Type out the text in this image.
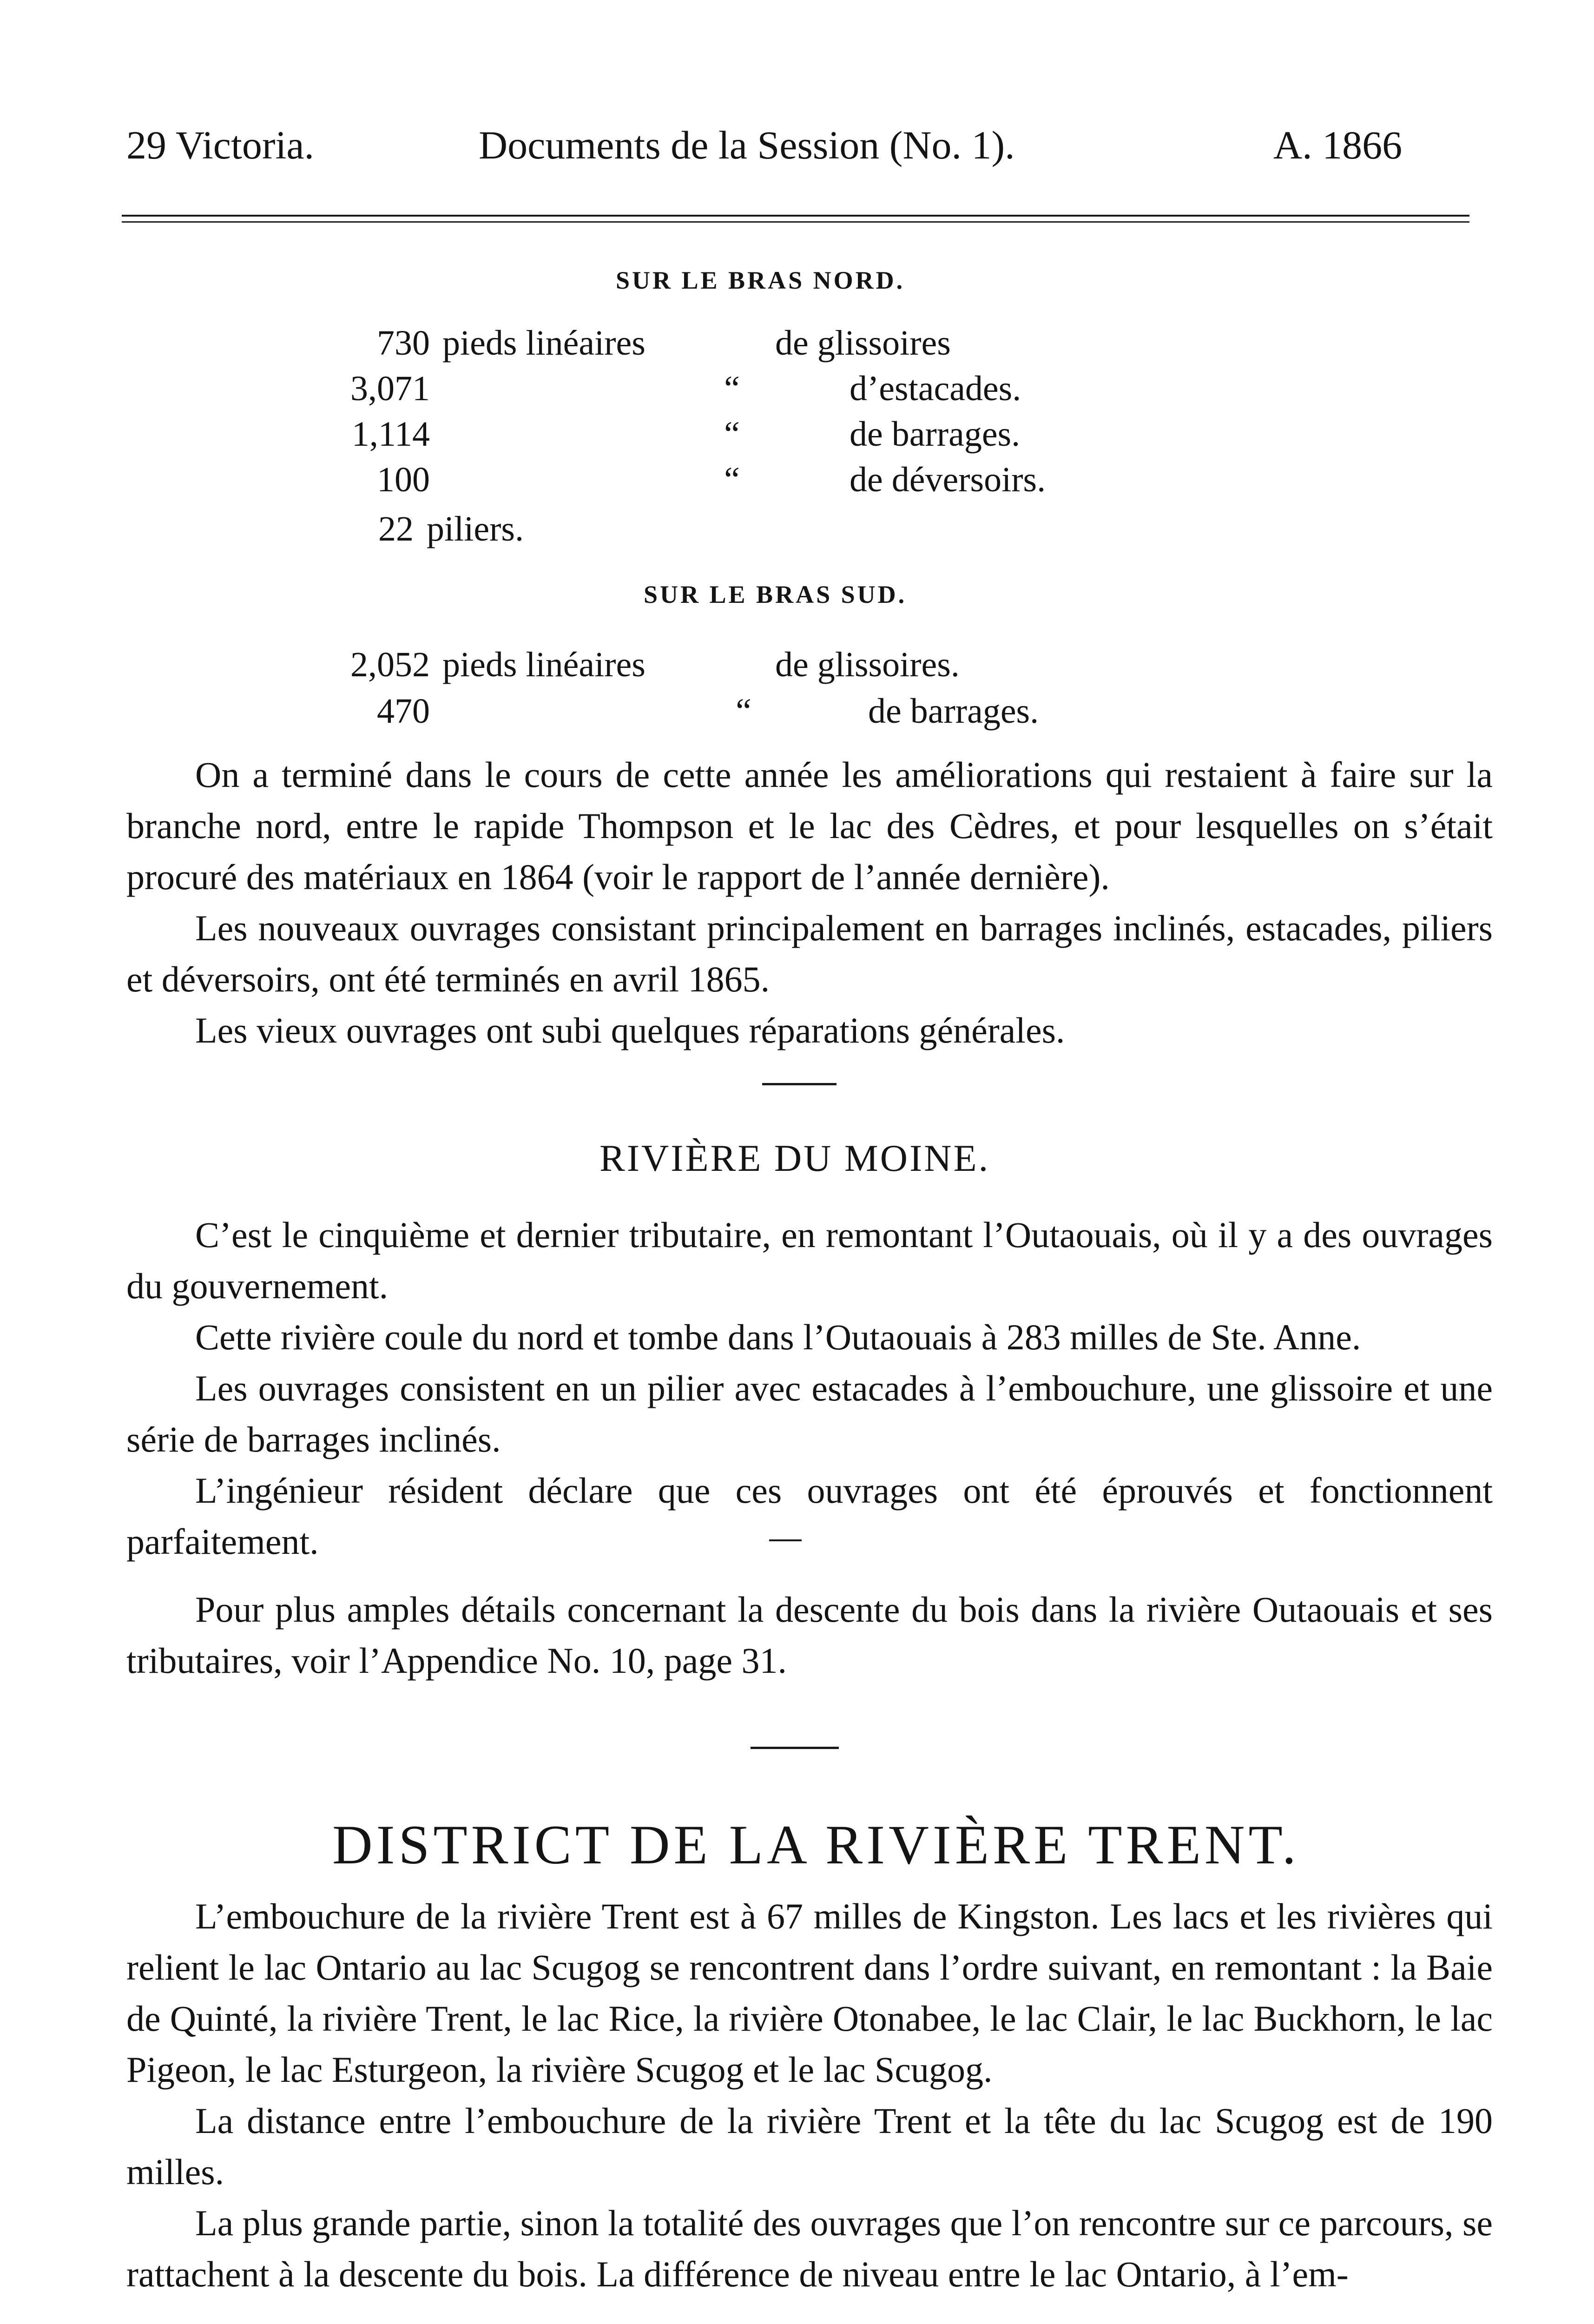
29 Victoria.	Documents de la Session (No. 1).	A. 1866
SUR LE BRAS NORD.
730 pieds linéaires	de glissoires
3,071	“	d’estacades.
1,114	“	de barrages.
100	“	de déversoirs.
22 piliers.
SUR LE BRAS SUD.
2,052 pieds linéaires	de glissoires.
470	“	de barrages.

On a terminé dans le cours de cette année les améliorations qui restaient à faire sur la branche nord, entre le rapide Thompson et le lac des Cèdres, et pour lesquelles on s’était procuré des matériaux en 1864 (voir le rapport de l’année dernière).

Les nouveaux ouvrages consistant principalement en barrages inclinés, estacades, piliers et déversoirs, ont été terminés en avril 1865.

Les vieux ouvrages ont subi quelques réparations générales.

RIVIÈRE DU MOINE.

C’est le cinquième et dernier tributaire, en remontant l’Outaouais, où il y a des ouvrages du gouvernement.

Cette rivière coule du nord et tombe dans l’Outaouais à 283 milles de Ste. Anne.

Les ouvrages consistent en un pilier avec estacades à l’embouchure, une glissoire et une série de barrages inclinés.

L’ingénieur résident déclare que ces ouvrages ont été éprouvés et fonctionnent parfaitement.

Pour plus amples détails concernant la descente du bois dans la rivière Outaouais et ses tributaires, voir l’Appendice No. 10, page 31.

DISTRICT DE LA RIVIÈRE TRENT.

L’embouchure de la rivière Trent est à 67 milles de Kingston. Les lacs et les rivières qui relient le lac Ontario au lac Scugog se rencontrent dans l’ordre suivant, en remontant : la Baie de Quinté, la rivière Trent, le lac Rice, la rivière Otonabee, le lac Clair, le lac Buckhorn, le lac Pigeon, le lac Esturgeon, la rivière Scugog et le lac Scugog.

La distance entre l’embouchure de la rivière Trent et la tête du lac Scugog est de 190 milles.

La plus grande partie, sinon la totalité des ouvrages que l’on rencontre sur ce parcours, se rattachent à la descente du bois. La différence de niveau entre le lac Ontario, à l’em-
